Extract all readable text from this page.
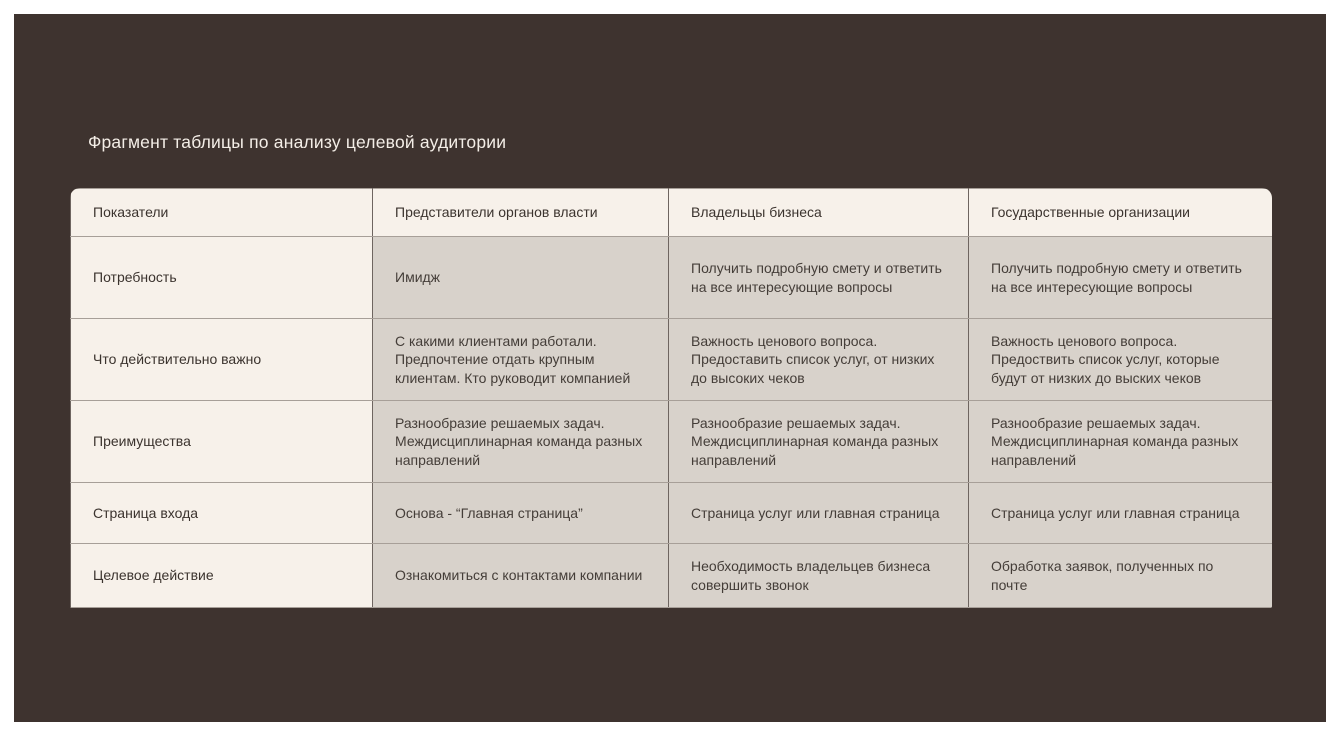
Фрагмент таблицы по анализу целевой аудитории
Показатели	Представители органов власти	Владельцы бизнеса	Государственные организации
Потребность	Имидж	Получить подробную смету и ответить на все интересующие вопросы	Получить подробную смету и ответить на все интересующие вопросы
Что действительно важно	С какими клиентами работали. Предпочтение отдать крупным клиентам. Кто руководит компанией	Важность ценового вопроса. Предоставить список услуг, от низких до высоких чеков	Важность ценового вопроса. Предоствить список услуг, которые будут от низких до выских чеков
Преимущества	Разнообразие решаемых задач. Междисциплинарная команда разных направлений	Разнообразие решаемых задач. Междисциплинарная команда разных направлений	Разнообразие решаемых задач. Междисциплинарная команда разных направлений
Страница входа	Основа - “Главная страница”	Страница услуг или главная страница	Страница услуг или главная страница
Целевое действие	Ознакомиться с контактами компании	Необходимость владельцев бизнеса совершить звонок	Обработка заявок, полученных по почте
